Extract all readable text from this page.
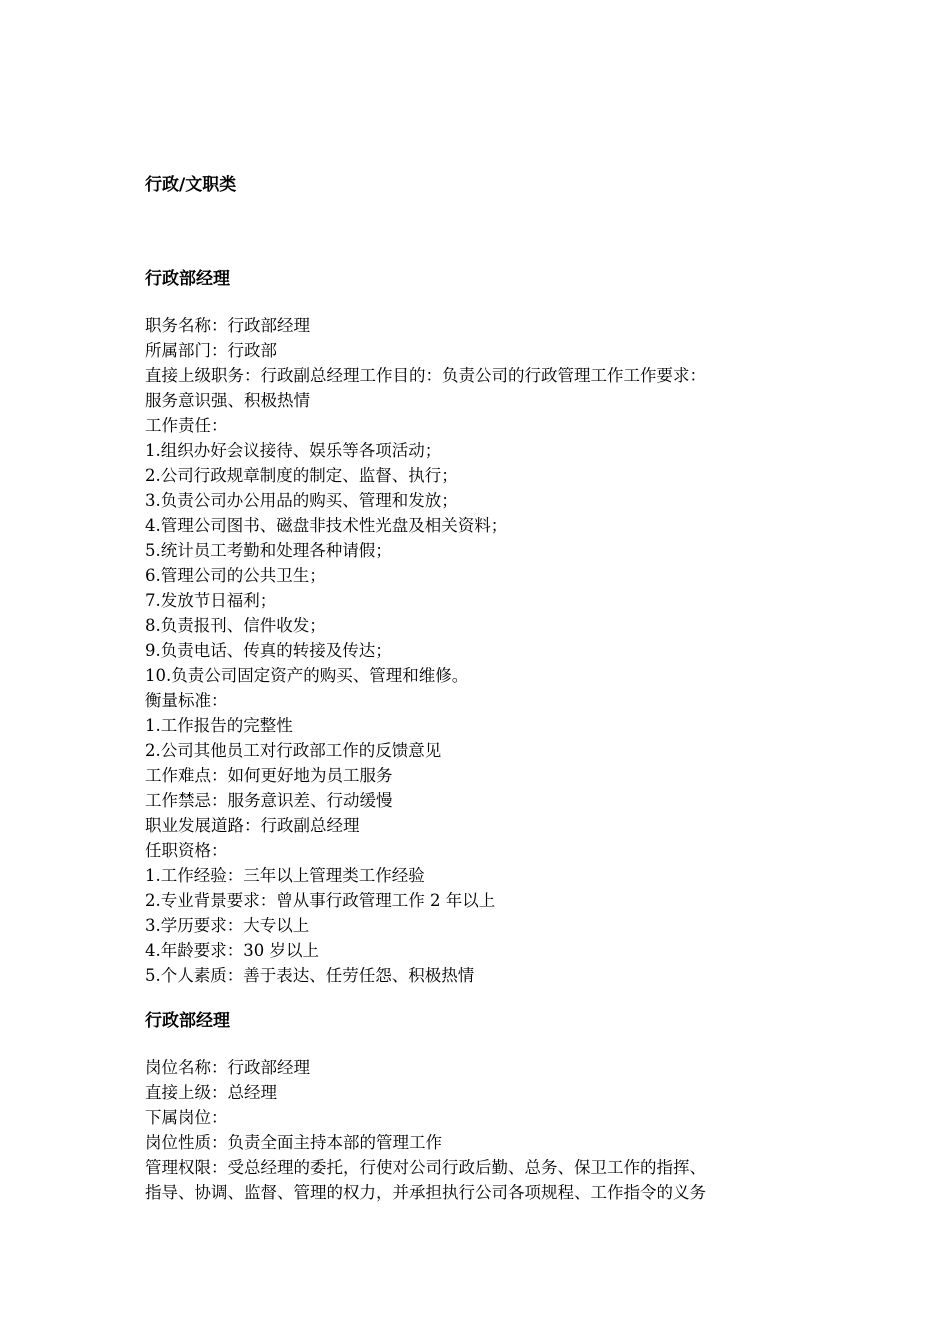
行政/文职类
行政部经理
职务名称：行政部经理
所属部门：行政部
直接上级职务：行政副总经理工作目的：负责公司的行政管理工作工作要求：
服务意识强、积极热情
工作责任：
1.组织办好会议接待、娱乐等各项活动；
2.公司行政规章制度的制定、监督、执行；
3.负责公司办公用品的购买、管理和发放；
4.管理公司图书、磁盘非技术性光盘及相关资料；
5.统计员工考勤和处理各种请假；
6.管理公司的公共卫生；
7.发放节日福利；
8.负责报刊、信件收发；
9.负责电话、传真的转接及传达；
10.负责公司固定资产的购买、管理和维修。
衡量标准：
1.工作报告的完整性
2.公司其他员工对行政部工作的反馈意见
工作难点：如何更好地为员工服务
工作禁忌：服务意识差、行动缓慢
职业发展道路：行政副总经理
任职资格：
1.工作经验：三年以上管理类工作经验
2.专业背景要求：曾从事行政管理工作 2 年以上
3.学历要求：大专以上
4.年龄要求：30 岁以上
5.个人素质：善于表达、任劳任怨、积极热情
行政部经理
岗位名称：行政部经理
直接上级：总经理
下属岗位：
岗位性质：负责全面主持本部的管理工作
管理权限：受总经理的委托，行使对公司行政后勤、总务、保卫工作的指挥、
指导、协调、监督、管理的权力，并承担执行公司各项规程、工作指令的义务
